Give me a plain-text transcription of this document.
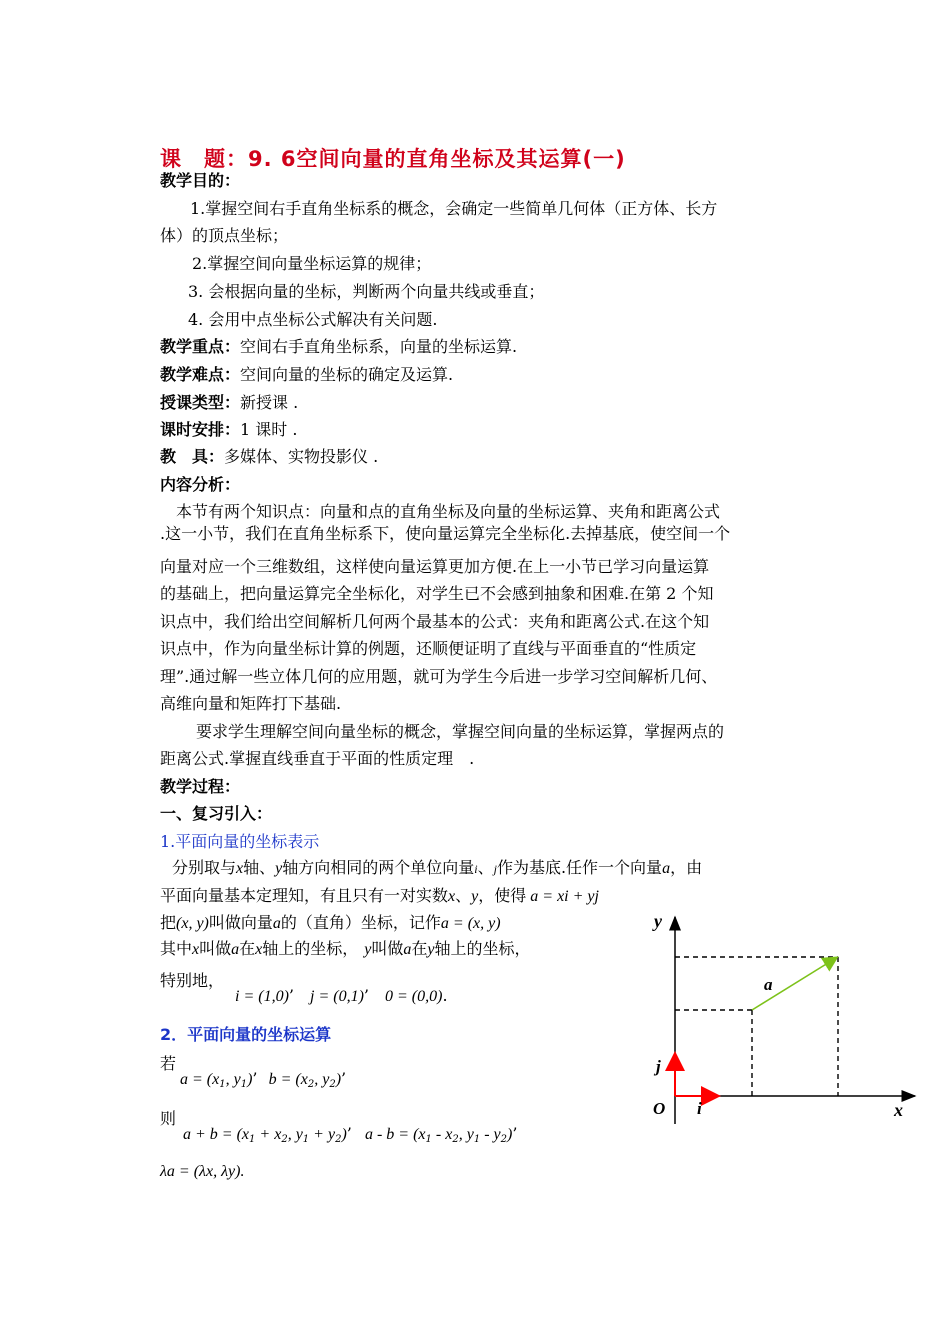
课　题：9. 6空间向量的直角坐标及其运算(一)
教学目的：
1.掌握空间右手直角坐标系的概念，会确定一些简单几何体（正方体、长方
体）的顶点坐标；
2.掌握空间向量坐标运算的规律；
3. 会根据向量的坐标，判断两个向量共线或垂直；
4. 会用中点坐标公式解决有关问题.
教学重点：空间右手直角坐标系，向量的坐标运算.
教学难点：空间向量的坐标的确定及运算.
授课类型：新授课 .
课时安排：1 课时 .
教　具：多媒体、实物投影仪 .
内容分析：
本节有两个知识点：向量和点的直角坐标及向量的坐标运算、夹角和距离公式
.这一小节，我们在直角坐标系下，使向量运算完全坐标化.去掉基底，使空间一个
向量对应一个三维数组，这样使向量运算更加方便.在上一小节已学习向量运算
的基础上，把向量运算完全坐标化，对学生已不会感到抽象和困难.在第 2 个知
识点中，我们给出空间解析几何两个最基本的公式：夹角和距离公式.在这个知
识点中，作为向量坐标计算的例题，还顺便证明了直线与平面垂直的“性质定
理”.通过解一些立体几何的应用题，就可为学生今后进一步学习空间解析几何、
高维向量和矩阵打下基础.
要求学生理解空间向量坐标的概念，掌握空间向量的坐标运算，掌握两点的
距离公式.掌握直线垂直于平面的性质定理　.
教学过程：
一、复习引入：
1.平面向量的坐标表示
分别取与x轴、y轴方向相同的两个单位向量i、j作为基底.任作一个向量a，由
平面向量基本定理知，有且只有一对实数x、y，使得 a = xi + yj
把(x, y)叫做向量a的（直角）坐标，记作a = (x, y)
其中x叫做a在x轴上的坐标， y叫做a在y轴上的坐标，
特别地，
i = (1,0)’　j = (0,1)’　0 = (0,0).
2．平面向量的坐标运算
若
$a = (x_1$, $y_1$)’ $b = (x_2$, $y_2$)’
则
$a + b = (x_1 + x_2$, $y_1 + y_2$)’ $a - b = (x_1 - x_2$, $y_1 - y_2$)’
λa = (λx, λy).
y
x
O
j
i
a
